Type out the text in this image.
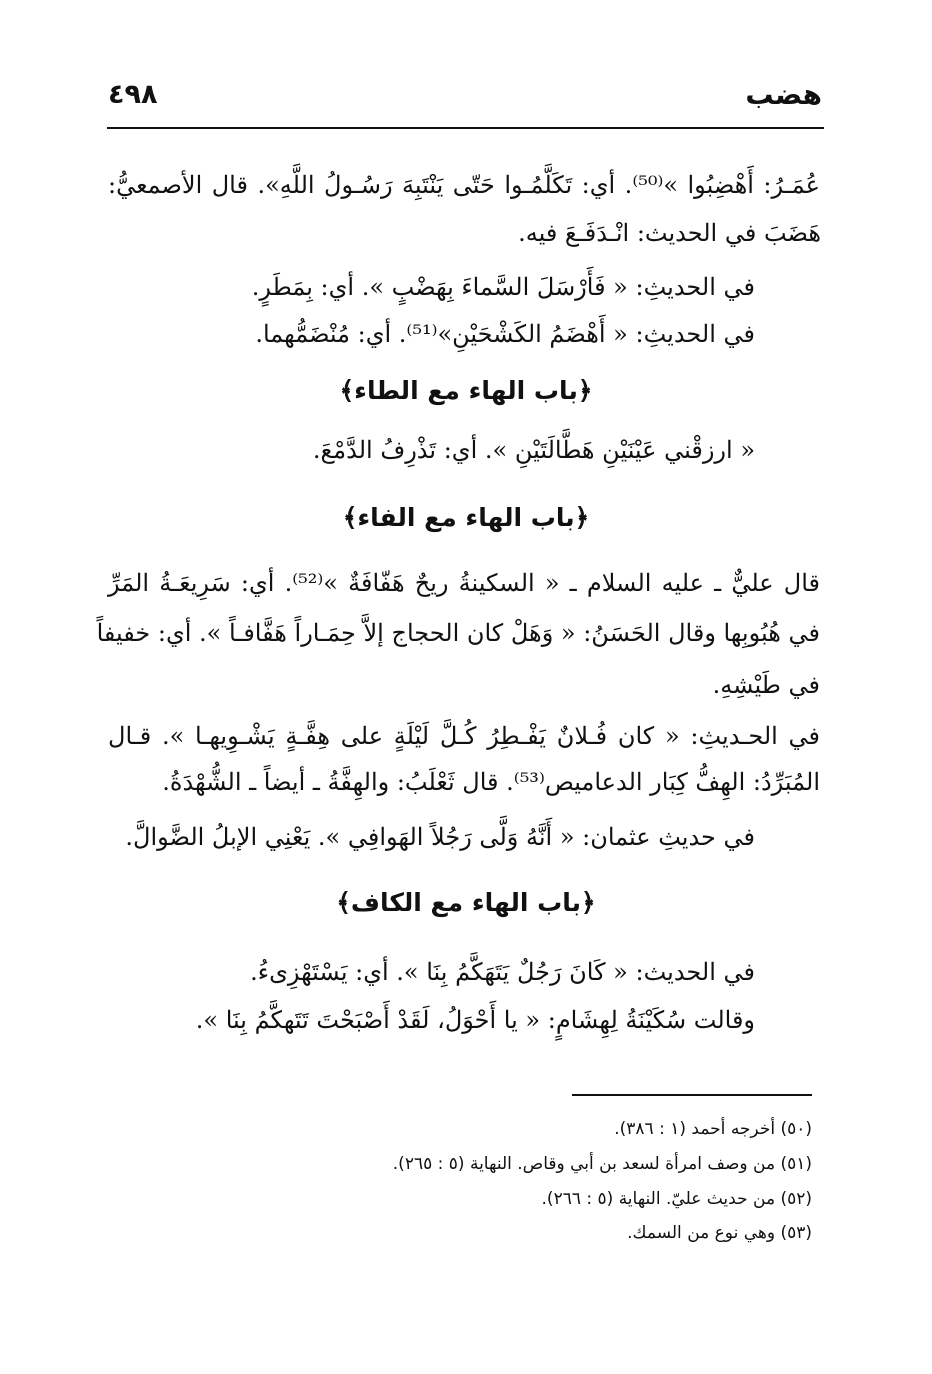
هضب
٤٩٨
عُمَـرُ: أَهْضِبُوا »⁽⁵⁰⁾. أي: تَكَلَّمُـوا حَتّى يَنْتَبِهَ رَسُـولُ اللَّهِ». قال الأصمعيُّ:
هَضَبَ في الحديث: انْـدَفَـعَ فيه.
في الحديثِ: « فَأَرْسَلَ السَّماءَ بِهَضْبٍ ». أي: بِمَطَرٍ.
في الحديثِ: « أَهْضَمُ الكَشْحَيْنِ»⁽⁵¹⁾. أي: مُنْضَمُّهما.
﴿باب الهاء مع الطاء﴾
« ارزقْني عَيْنَيْنِ هَطَّالَتَيْنِ ». أي: تَذْرِفُ الدَّمْعَ.
﴿باب الهاء مع الفاء﴾
قال عليٌّ ـ عليه السلام ـ « السكينةُ ريحٌ هَفّافَةٌ »⁽⁵²⁾. أي: سَرِيعَـةُ المَرِّ
في هُبُوبِها وقال الحَسَنُ: « وَهَلْ كان الحجاج إلاَّ حِمَـاراً هَفَّافـاً ». أي: خفيفاً
في طَيْشِهِ.
في الحـديثِ: « كان فُـلانٌ يَفْـطِرُ كُـلَّ لَيْلَةٍ على هِفَّـةٍ يَشْـوِيهـا ». قـال
المُبَرِّدُ: الهِفُّ كِبَار الدعاميص⁽⁵³⁾. قال ثَعْلَبُ: والهِفَّةُ ـ أيضاً ـ الشُّهْدَةُ.
في حديثِ عثمان: « أَنَّهُ وَلَّى رَجُلاً الهَوافِي ». يَعْنِي الإبلُ الضَّوالَّ.
﴿باب الهاء مع الكاف﴾
في الحديث: « كَانَ رَجُلٌ يَتَهَكَّمُ بِنَا ». أي: يَسْتَهْزِىءُ.
وقالت سُكَيْنَةُ لِهِشَامٍ: « يا أَحْوَلُ، لَقَدْ أَصْبَحْتَ تَتَهكَّمُ بِنَا ».
(٥٠) أخرجه أحمد (١ : ٣٨٦).
(٥١) من وصف امرأة لسعد بن أبي وقاص. النهاية (٥ : ٢٦٥).
(٥٢) من حديث عليّ. النهاية (٥ : ٢٦٦).
(٥٣) وهي نوع من السمك.
